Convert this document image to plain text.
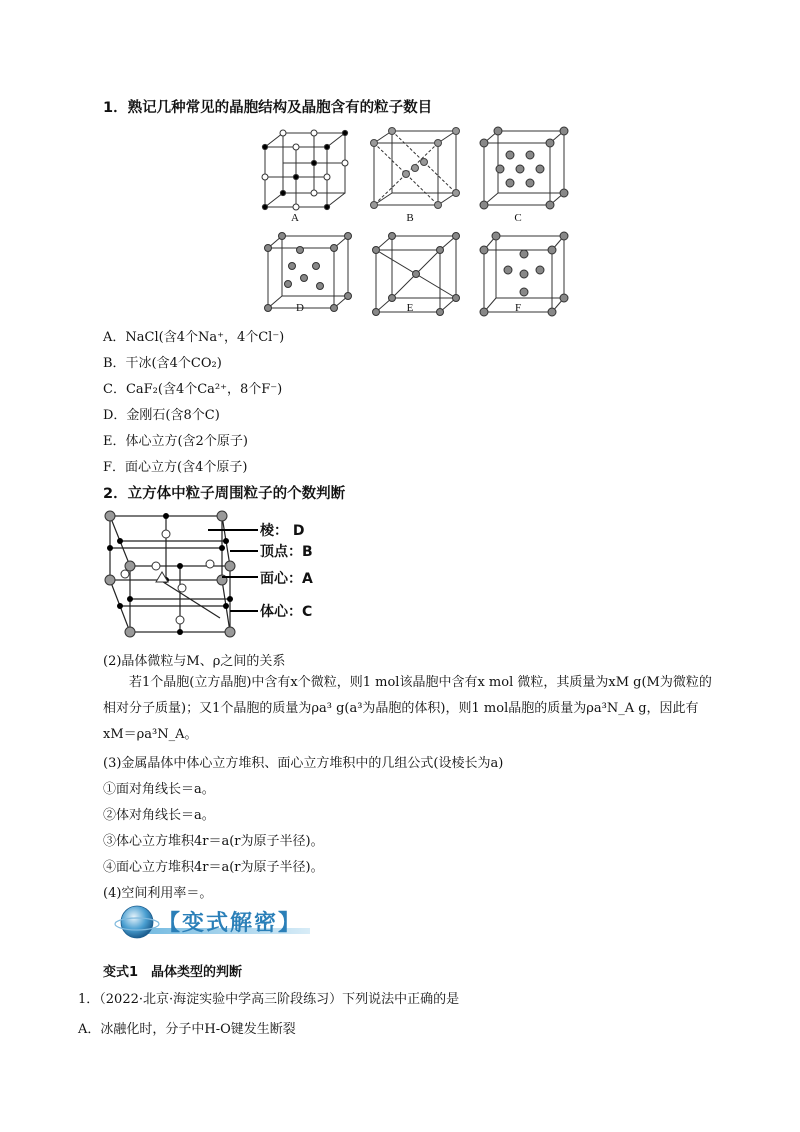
1．熟记几种常见的晶胞结构及晶胞含有的粒子数目
A	B	C
D	E	F
A．NaCl(含4个Na⁺，4个Cl⁻)
B．干冰(含4个CO₂)
C．CaF₂(含4个Ca²⁺，8个F⁻)
D．金刚石(含8个C)
E．体心立方(含2个原子)
F．面心立方(含4个原子)
2．立方体中粒子周围粒子的个数判断
棱： D
顶点：B
面心：A
体心：C
(2)晶体微粒与M、ρ之间的关系
若1个晶胞(立方晶胞)中含有x个微粒，则1 mol该晶胞中含有x mol 微粒，其质量为xM g(M为微粒的相对分子质量)；又1个晶胞的质量为ρa³ g(a³为晶胞的体积)，则1 mol晶胞的质量为ρa³N_A g，因此有xM＝ρa³N_A。
(3)金属晶体中体心立方堆积、面心立方堆积中的几组公式(设棱长为a)
①面对角线长＝a。
②体对角线长＝a。
③体心立方堆积4r＝a(r为原子半径)。
④面心立方堆积4r＝a(r为原子半径)。
(4)空间利用率＝。
【变式解密】
变式1　晶体类型的判断
1．（2022·北京·海淀实验中学高三阶段练习）下列说法中正确的是
A．冰融化时，分子中H-O键发生断裂
